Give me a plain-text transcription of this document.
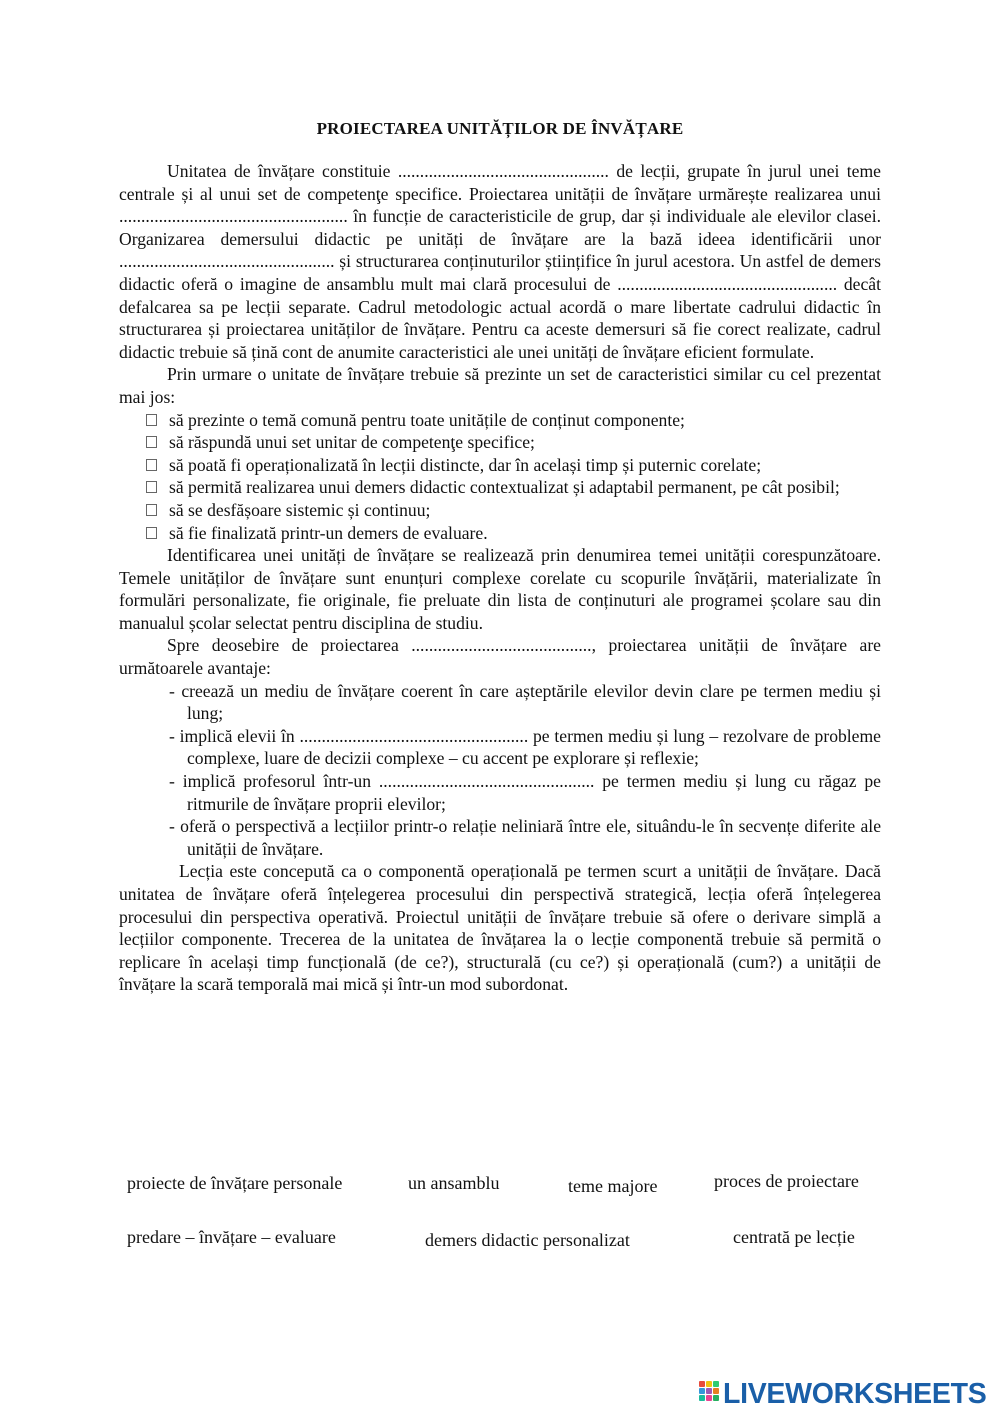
PROIECTAREA UNITĂȚILOR DE ÎNVĂȚARE

Unitatea de învățare constituie ................................................ de lecții, grupate în jurul unei teme centrale și al unui set de competenţe specifice. Proiectarea unității de învățare urmărește realizarea unui .................................................... în funcție de caracteristicile de grup, dar și individuale ale elevilor clasei. Organizarea demersului didactic pe unități de învățare are la bază ideea identificării unor ................................................. și structurarea conținuturilor științifice în jurul acestora. Un astfel de demers didactic oferă o imagine de ansamblu mult mai clară procesului de .................................................. decât defalcarea sa pe lecții separate. Cadrul metodologic actual acordă o mare libertate cadrului didactic în structurarea și proiectarea unităților de învățare. Pentru ca aceste demersuri să fie corect realizate, cadrul didactic trebuie să țină cont de anumite caracteristici ale unei unități de învățare eficient formulate.

Prin urmare o unitate de învățare trebuie să prezinte un set de caracteristici similar cu cel prezentat mai jos:

să prezinte o temă comună pentru toate unitățile de conținut componente;
să răspundă unui set unitar de competenţe specifice;
să poată fi operaționalizată în lecții distincte, dar în același timp și puternic corelate;
să permită realizarea unui demers didactic contextualizat și adaptabil permanent, pe cât posibil;
să se desfășoare sistemic și continuu;
să fie finalizată printr-un demers de evaluare.

Identificarea unei unități de învățare se realizează prin denumirea temei unității corespunzătoare. Temele unităților de învățare sunt enunțuri complexe corelate cu scopurile învățării, materializate în formulări personalizate, fie originale, fie preluate din lista de conținuturi ale programei școlare sau din manualul școlar selectat pentru disciplina de studiu.

Spre deosebire de proiectarea ........................................., proiectarea unității de învățare are următoarele avantaje:

- creează un mediu de învățare coerent în care așteptările elevilor devin clare pe termen mediu și lung;
- implică elevii în .................................................... pe termen mediu și lung – rezolvare de probleme complexe, luare de decizii complexe – cu accent pe explorare și reflexie;
- implică profesorul într-un ................................................. pe termen mediu și lung cu răgaz pe ritmurile de învățare proprii elevilor;
- oferă o perspectivă a lecțiilor printr-o relație neliniară între ele, situându-le în secvențe diferite ale unității de învățare.

Lecția este concepută ca o componentă operațională pe termen scurt a unității de învățare. Dacă unitatea de învățare oferă înțelegerea procesului din perspectivă strategică, lecția oferă înțelegerea procesului din perspectiva operativă. Proiectul unității de învățare trebuie să ofere o derivare simplă a lecțiilor componente. Trecerea de la unitatea de învățarea la o lecție componentă trebuie să permită o replicare în același timp funcțională (de ce?), structurală (cu ce?) și operațională (cum?) a unității de învățare la scară temporală mai mică și într-un mod subordonat.

proiecte de învățare personale	un ansamblu	teme majore	proces de proiectare
predare – învățare – evaluare	demers didactic personalizat	centrată pe lecție
LIVEWORKSHEETS
